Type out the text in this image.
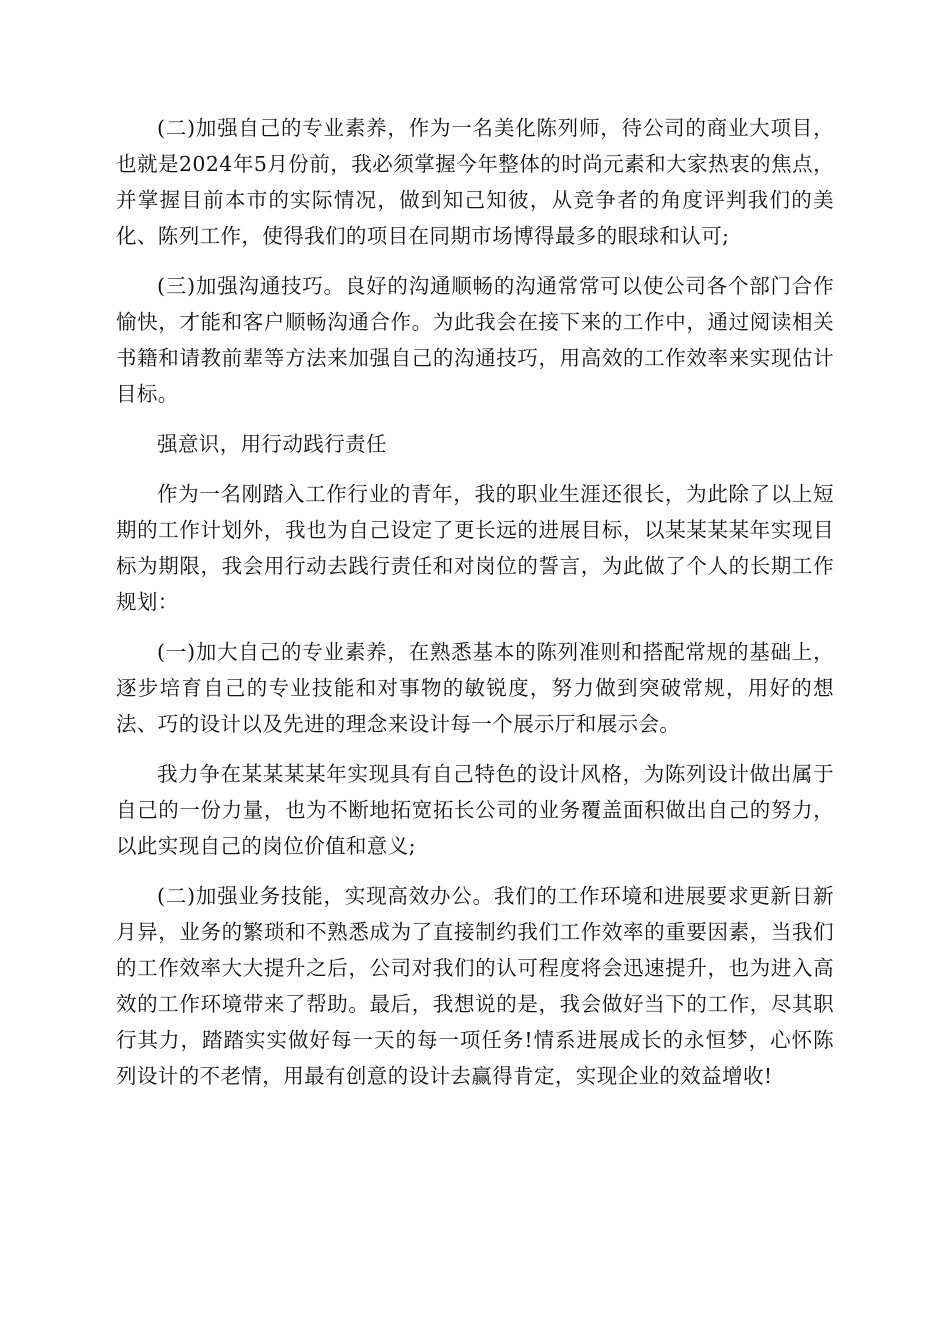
(二)加强自己的专业素养，作为一名美化陈列师，待公司的商业大项目，也就是2024年5月份前，我必须掌握今年整体的时尚元素和大家热衷的焦点，并掌握目前本市的实际情况，做到知己知彼，从竞争者的角度评判我们的美化、陈列工作，使得我们的项目在同期市场博得最多的眼球和认可;

(三)加强沟通技巧。良好的沟通顺畅的沟通常常可以使公司各个部门合作愉快，才能和客户顺畅沟通合作。为此我会在接下来的工作中，通过阅读相关书籍和请教前辈等方法来加强自己的沟通技巧，用高效的工作效率来实现估计目标。

强意识，用行动践行责任

作为一名刚踏入工作行业的青年，我的职业生涯还很长，为此除了以上短期的工作计划外，我也为自己设定了更长远的进展目标，以某某某某年实现目标为期限，我会用行动去践行责任和对岗位的誓言，为此做了个人的长期工作规划：

(一)加大自己的专业素养，在熟悉基本的陈列准则和搭配常规的基础上，逐步培育自己的专业技能和对事物的敏锐度，努力做到突破常规，用好的想法、巧的设计以及先进的理念来设计每一个展示厅和展示会。

我力争在某某某某年实现具有自己特色的设计风格，为陈列设计做出属于自己的一份力量，也为不断地拓宽拓长公司的业务覆盖面积做出自己的努力，以此实现自己的岗位价值和意义;

(二)加强业务技能，实现高效办公。我们的工作环境和进展要求更新日新月异，业务的繁琐和不熟悉成为了直接制约我们工作效率的重要因素，当我们的工作效率大大提升之后，公司对我们的认可程度将会迅速提升，也为进入高效的工作环境带来了帮助。最后，我想说的是，我会做好当下的工作，尽其职行其力，踏踏实实做好每一天的每一项任务!情系进展成长的永恒梦，心怀陈列设计的不老情，用最有创意的设计去赢得肯定，实现企业的效益增收!
